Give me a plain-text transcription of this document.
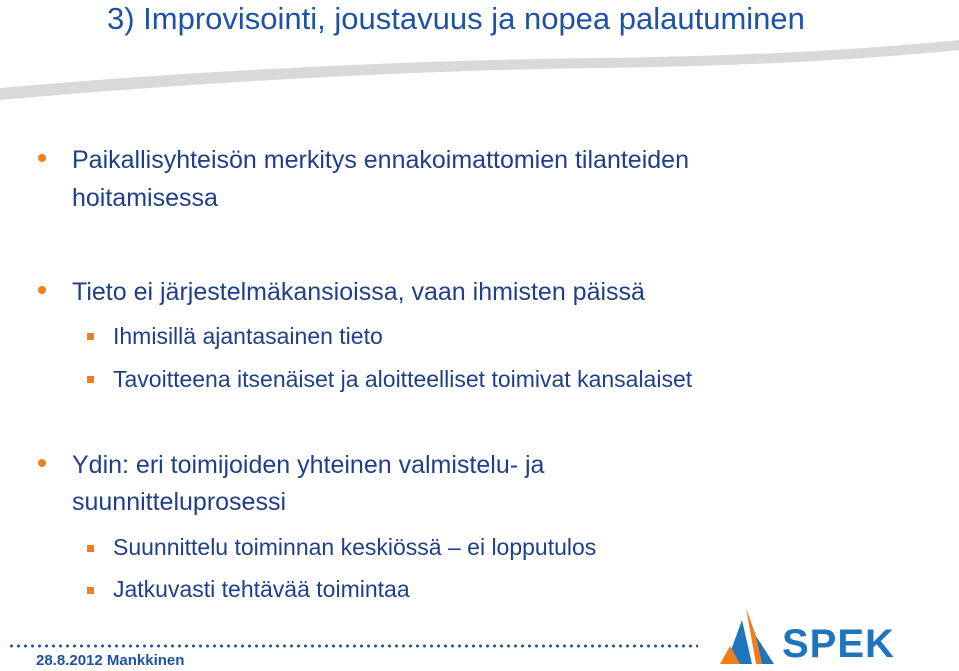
3) Improvisointi, joustavuus ja nopea palautuminen
Paikallisyhteisön merkitys ennakoimattomien tilanteiden
hoitamisessa
Tieto ei järjestelmäkansioissa, vaan ihmisten päissä
Ihmisillä ajantasainen tieto
Tavoitteena itsenäiset ja aloitteelliset toimivat kansalaiset
Ydin: eri toimijoiden yhteinen valmistelu- ja
suunnitteluprosessi
Suunnittelu toiminnan keskiössä – ei lopputulos
Jatkuvasti tehtävää toimintaa
28.8.2012 Mankkinen	SPEK
